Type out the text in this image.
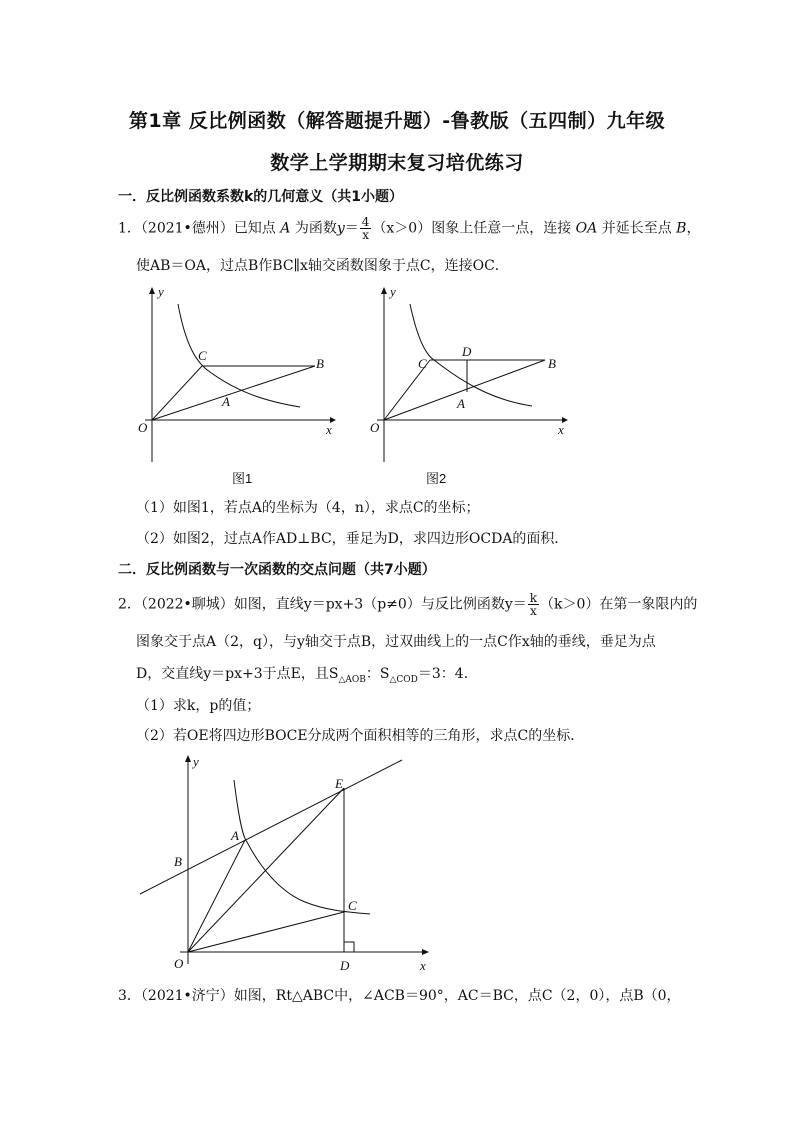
第1章 反比例函数（解答题提升题）-鲁教版（五四制）九年级
数学上学期期末复习培优练习
一．反比例函数系数k的几何意义（共1小题）
1．（2021•德州）已知点 A 为函数$y= \frac{4}{x} (x>0)$图象上任意一点，连接 OA 并延长至点 B，
使AB＝OA，过点B作BC∥x轴交函数图象于点C，连接OC．
y
x
O
C
B
A
图1
y
x
O
C
D
B
A
图2
（1）如图1，若点A的坐标为（4，n），求点C的坐标；
（2）如图2，过点A作AD⊥BC，垂足为D，求四边形OCDA的面积．
二．反比例函数与一次函数的交点问题（共7小题）
2．（2022•聊城）如图，直线y＝px+3（p≠0）与反比例函数$y= \frac{k}{x} (k>0)$在第一象限内的
图象交于点A（2，q），与y轴交于点B，过双曲线上的一点C作x轴的垂线，垂足为点
D，交直线y＝px+3于点E，且$S_{\triangle AOB}$：$S_{\triangle COD}=3$：4．
（1）求k，p的值；
（2）若OE将四边形BOCE分成两个面积相等的三角形，求点C的坐标．
y
x
O
B
A
E
C
D
3．（2021•济宁）如图，Rt△ABC中，∠ACB＝90°，AC＝BC，点C（2，0），点B（0，
